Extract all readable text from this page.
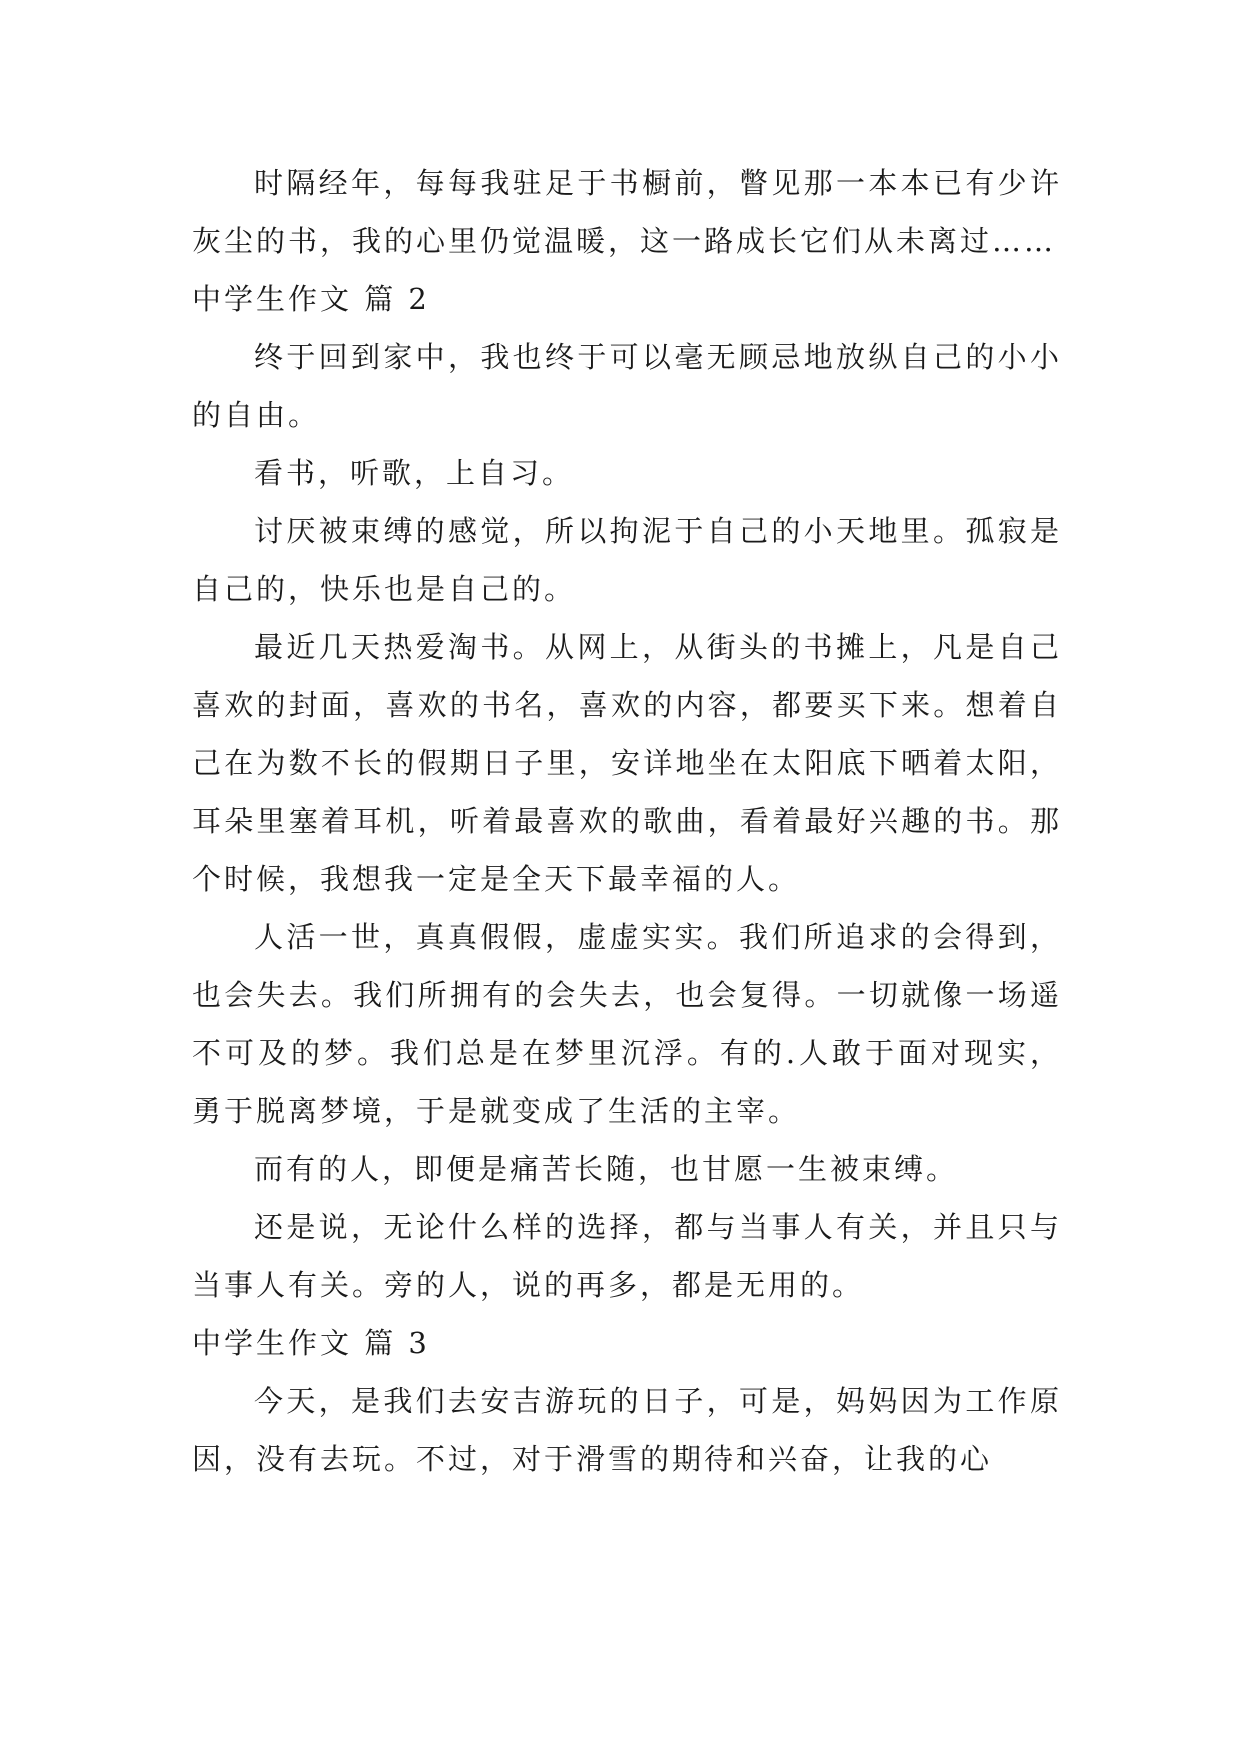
时隔经年，每每我驻足于书橱前，瞥见那一本本已有少许灰尘的书，我的心里仍觉温暖，这一路成长它们从未离过……

中学生作文 篇 2

终于回到家中，我也终于可以毫无顾忌地放纵自己的小小的自由。

看书，听歌，上自习。

讨厌被束缚的感觉，所以拘泥于自己的小天地里。孤寂是自己的，快乐也是自己的。

最近几天热爱淘书。从网上，从街头的书摊上，凡是自己喜欢的封面，喜欢的书名，喜欢的内容，都要买下来。想着自己在为数不长的假期日子里，安详地坐在太阳底下晒着太阳，耳朵里塞着耳机，听着最喜欢的歌曲，看着最好兴趣的书。那个时候，我想我一定是全天下最幸福的人。

人活一世，真真假假，虚虚实实。我们所追求的会得到，也会失去。我们所拥有的会失去，也会复得。一切就像一场遥不可及的梦。我们总是在梦里沉浮。有的.人敢于面对现实，勇于脱离梦境，于是就变成了生活的主宰。

而有的人，即便是痛苦长随，也甘愿一生被束缚。

还是说，无论什么样的选择，都与当事人有关，并且只与当事人有关。旁的人，说的再多，都是无用的。

中学生作文 篇 3

今天，是我们去安吉游玩的日子，可是，妈妈因为工作原因，没有去玩。不过，对于滑雪的期待和兴奋，让我的心
